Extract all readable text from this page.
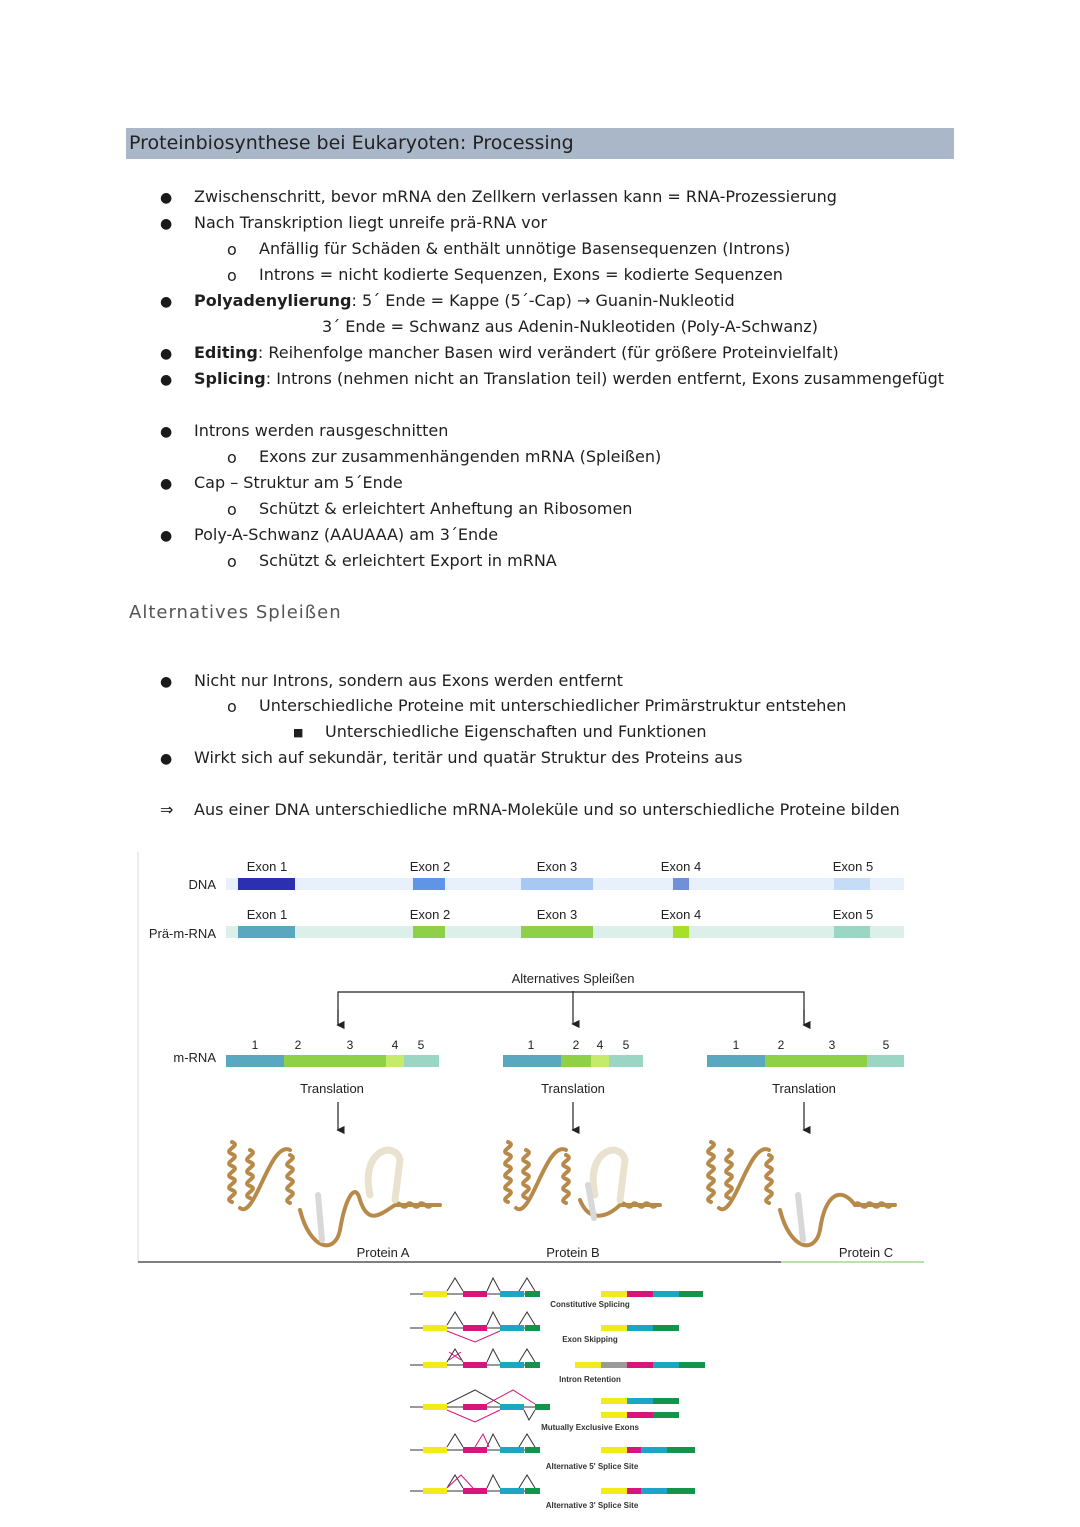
Proteinbiosynthese bei Eukaryoten: Processing
● Zwischenschritt, bevor mRNA den Zellkern verlassen kann = RNA-Prozessierung
● Nach Transkription liegt unreife prä-RNA vor
o Anfällig für Schäden & enthält unnötige Basensequenzen (Introns)
o Introns = nicht kodierte Sequenzen, Exons = kodierte Sequenzen
● Polyadenylierung: 5´ Ende = Kappe (5´-Cap) → Guanin-Nukleotid
3´ Ende = Schwanz aus Adenin-Nukleotiden (Poly-A-Schwanz)
● Editing: Reihenfolge mancher Basen wird verändert (für größere Proteinvielfalt)
● Splicing: Introns (nehmen nicht an Translation teil) werden entfernt, Exons zusammengefügt
● Introns werden rausgeschnitten
o Exons zur zusammenhängenden mRNA (Spleißen)
● Cap – Struktur am 5´Ende
o Schützt & erleichtert Anheftung an Ribosomen
● Poly-A-Schwanz (AAUAAA) am 3´Ende
o Schützt & erleichtert Export in mRNA
Alternatives Spleißen
● Nicht nur Introns, sondern aus Exons werden entfernt
o Unterschiedliche Proteine mit unterschiedlicher Primärstruktur entstehen
■ Unterschiedliche Eigenschaften und Funktionen
● Wirkt sich auf sekundär, teritär und quatär Struktur des Proteins aus
⇒ Aus einer DNA unterschiedliche mRNA-Moleküle und so unterschiedliche Proteine bilden
DNA
Prä-m-RNA
m-RNA
Exon 1	Exon 2	Exon 3	Exon 4	Exon 5
Exon 1	Exon 2	Exon 3	Exon 4	Exon 5
Alternatives Spleißen
1	2	3	4 5	1	2 4 5	1	2	3	5
Translation	Translation	Translation
Protein A	Protein B	Protein C
Constitutive Splicing
Exon Skipping
Intron Retention
Mutually Exclusive Exons
Alternative 5' Splice Site
Alternative 3' Splice Site
